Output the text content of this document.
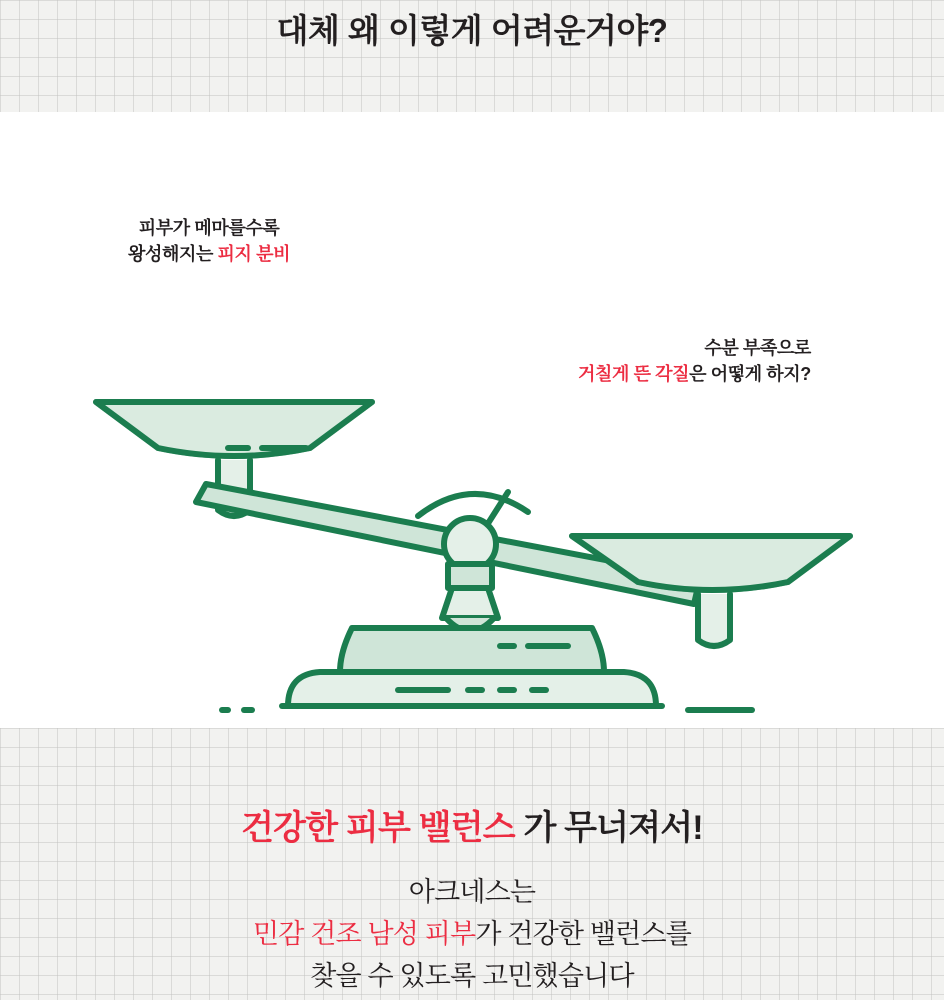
대체 왜 이렇게 어려운거야?
피부가 메마를수록
왕성해지는 피지 분비
수분 부족으로
거칠게 뜬 각질은 어떻게 하지?
건강한 피부 밸런스 가 무너져서!
아크네스는
민감 건조 남성 피부가 건강한 밸런스를
찾을 수 있도록 고민했습니다
